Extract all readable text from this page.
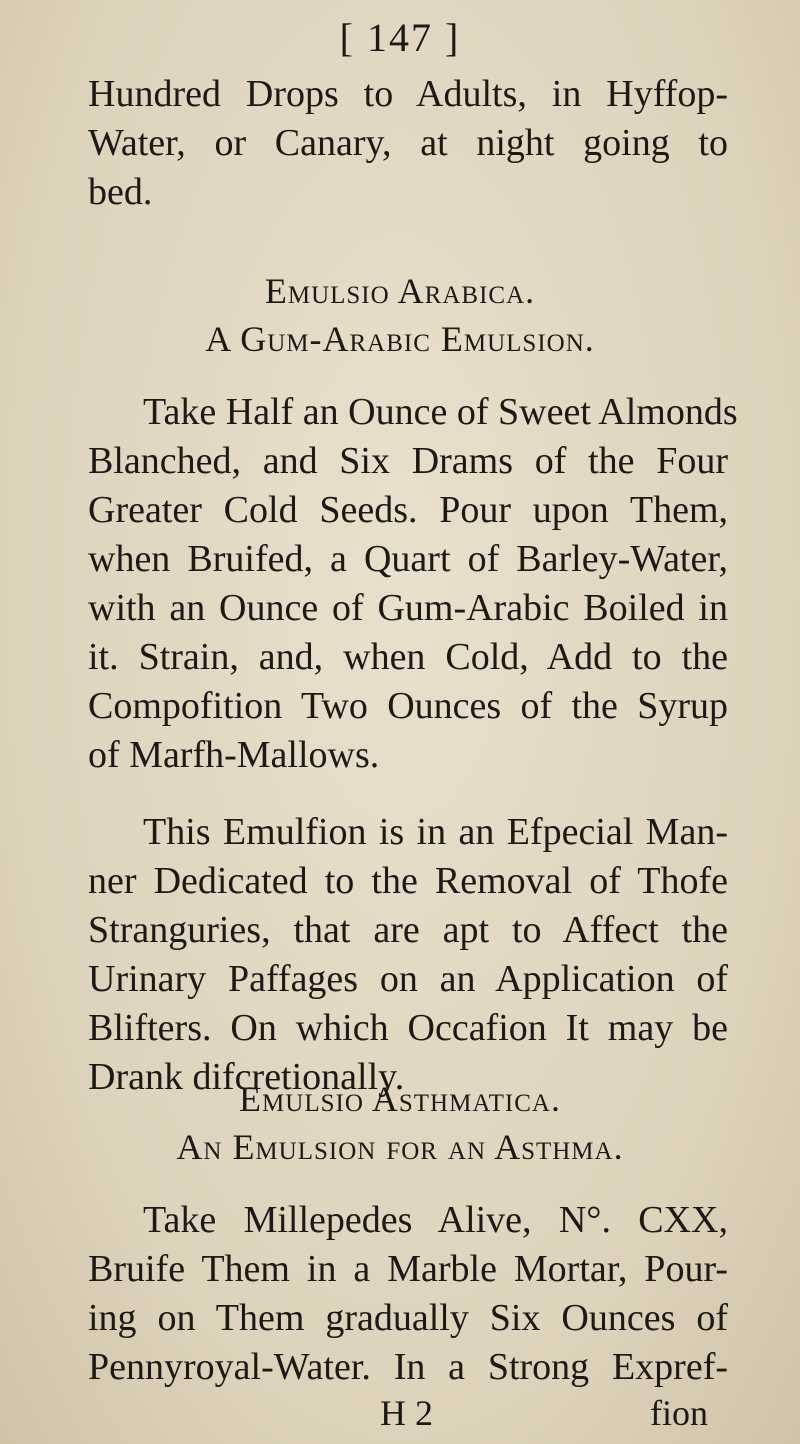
[ 147 ]
Hundred Drops to Adults, in Hyffop-
Water, or Canary, at night going to
bed.
Emulsio Arabica.
A Gum-Arabic Emulsion.
Take Half an Ounce of Sweet Almonds
Blanched, and Six Drams of the Four
Greater Cold Seeds. Pour upon Them,
when Bruifed, a Quart of Barley-Water,
with an Ounce of Gum-Arabic Boiled in
it. Strain, and, when Cold, Add to the
Compofition Two Ounces of the Syrup
of Marfh-Mallows.
This Emulfion is in an Efpecial Man-
ner Dedicated to the Removal of Thofe
Stranguries, that are apt to Affect the
Urinary Paffages on an Application of
Blifters. On which Occafion It may be
Drank difcretionally.
Emulsio Asthmatica.
An Emulsion for an Asthma.
Take Millepedes Alive, N°. CXX,
Bruife Them in a Marble Mortar, Pour-
ing on Them gradually Six Ounces of
Pennyroyal-Water. In a Strong Expref-
H 2	fion
